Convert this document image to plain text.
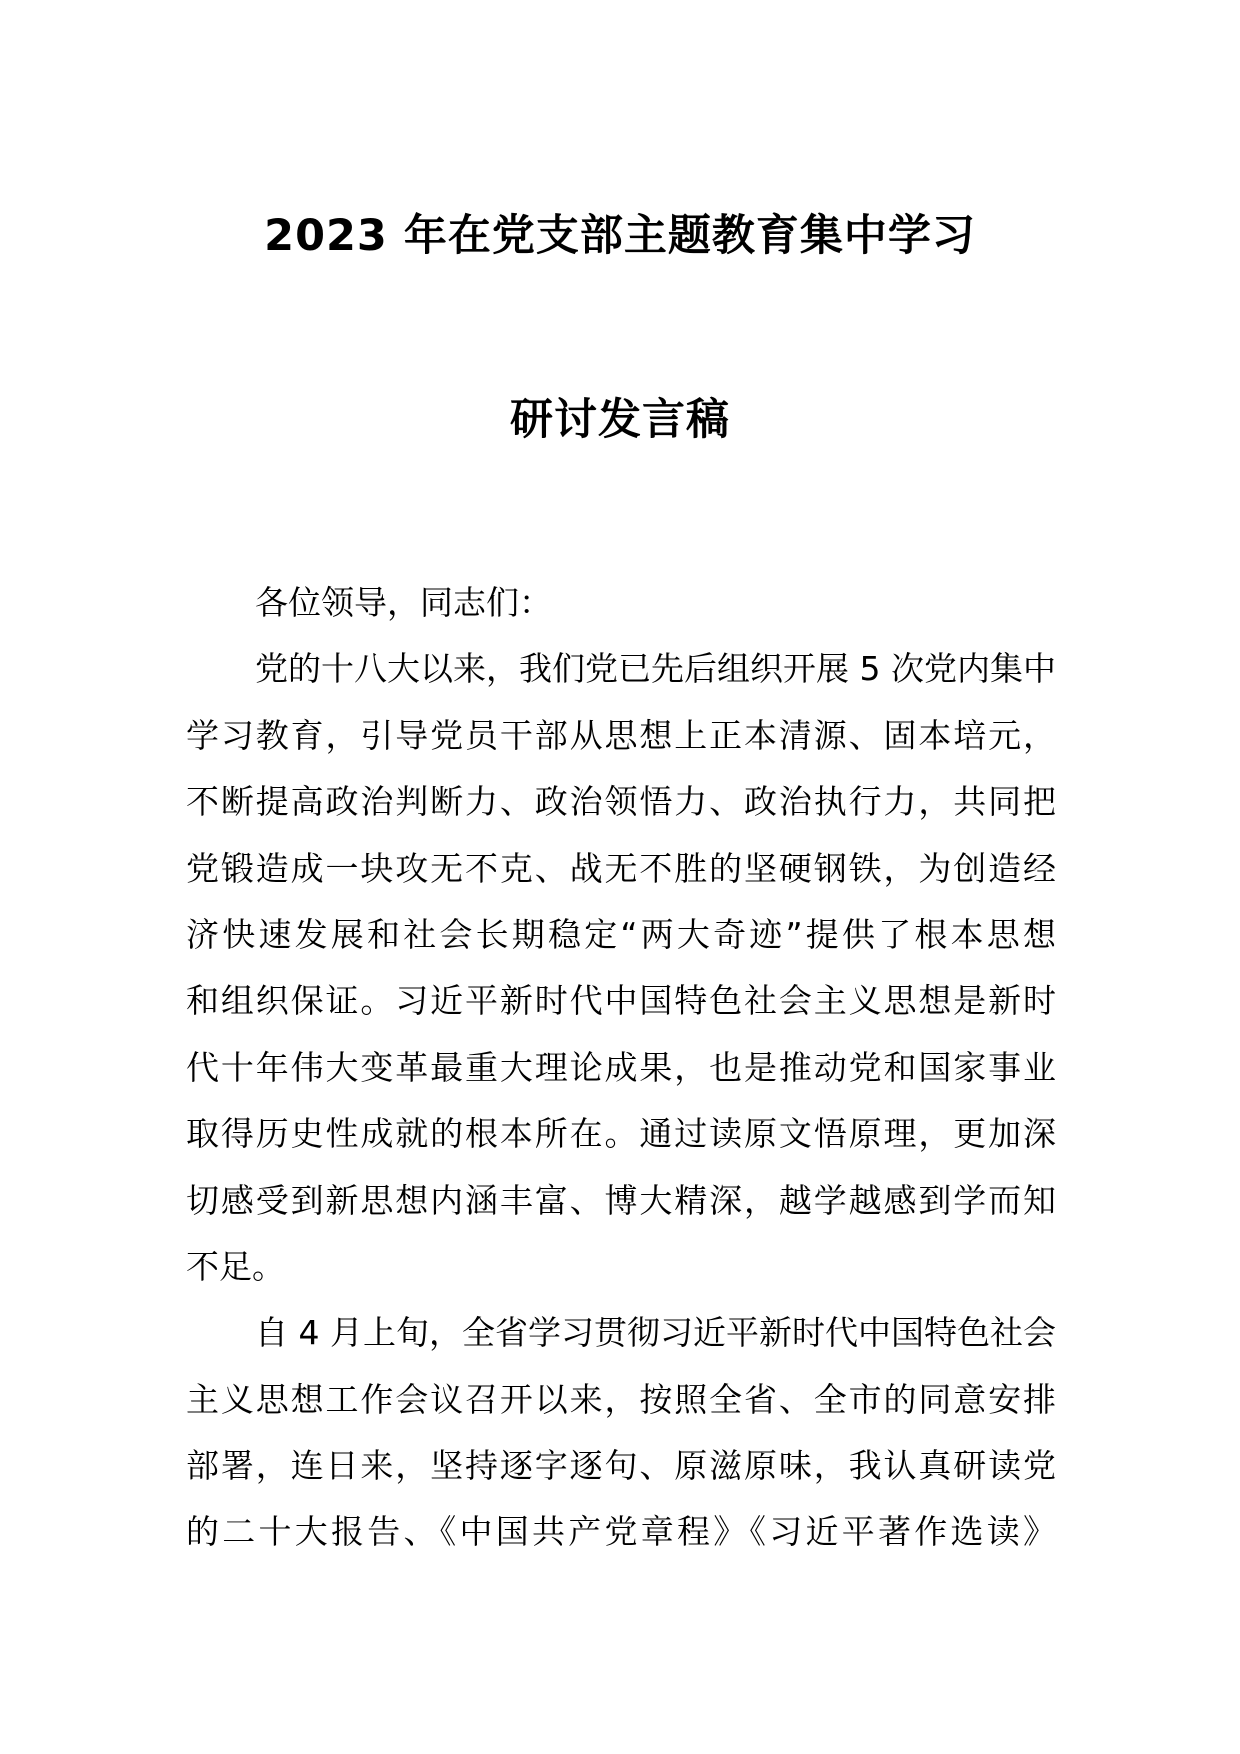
2023 年在党支部主题教育集中学习
研讨发言稿
各位领导，同志们：
党的十八大以来，我们党已先后组织开展 5 次党内集中
学习教育，引导党员干部从思想上正本清源、固本培元，
不断提高政治判断力、政治领悟力、政治执行力，共同把
党锻造成一块攻无不克、战无不胜的坚硬钢铁，为创造经
济快速发展和社会长期稳定“两大奇迹”提供了根本思想
和组织保证。习近平新时代中国特色社会主义思想是新时
代十年伟大变革最重大理论成果，也是推动党和国家事业
取得历史性成就的根本所在。通过读原文悟原理，更加深
切感受到新思想内涵丰富、博大精深，越学越感到学而知
不足。
自 4 月上旬，全省学习贯彻习近平新时代中国特色社会
主义思想工作会议召开以来，按照全省、全市的同意安排
部署，连日来，坚持逐字逐句、原滋原味，我认真研读党
的二十大报告、《中国共产党章程》《习近平著作选读》
